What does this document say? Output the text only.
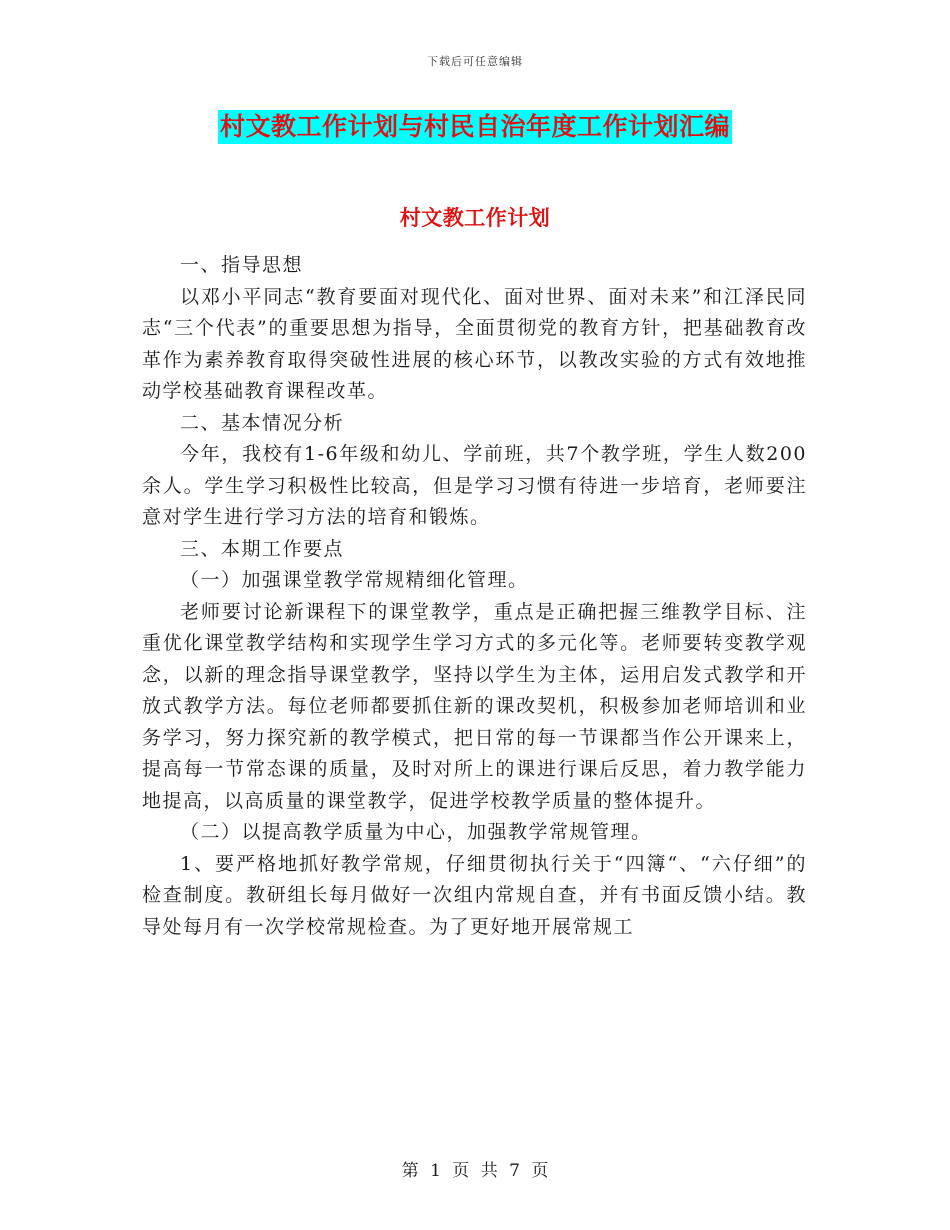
下载后可任意编辑
村文教工作计划与村民自治年度工作计划汇编
村文教工作计划

一、指导思想

以邓小平同志“教育要面对现代化、面对世界、面对未来”和江泽民同志“三个代表”的重要思想为指导，全面贯彻党的教育方针，把基础教育改革作为素养教育取得突破性进展的核心环节，以教改实验的方式有效地推动学校基础教育课程改革。

二、基本情况分析

今年，我校有1-6年级和幼儿、学前班，共7个教学班，学生人数200余人。学生学习积极性比较高，但是学习习惯有待进一步培育，老师要注意对学生进行学习方法的培育和锻炼。

三、本期工作要点

（一）加强课堂教学常规精细化管理。

老师要讨论新课程下的课堂教学，重点是正确把握三维教学目标、注重优化课堂教学结构和实现学生学习方式的多元化等。老师要转变教学观念，以新的理念指导课堂教学，坚持以学生为主体，运用启发式教学和开放式教学方法。每位老师都要抓住新的课改契机，积极参加老师培训和业务学习，努力探究新的教学模式，把日常的每一节课都当作公开课来上，提高每一节常态课的质量，及时对所上的课进行课后反思，着力教学能力地提高，以高质量的课堂教学，促进学校教学质量的整体提升。

（二）以提高教学质量为中心，加强教学常规管理。

1、要严格地抓好教学常规，仔细贯彻执行关于“四簿“、“六仔细”的检查制度。教研组长每月做好一次组内常规自查，并有书面反馈小结。教导处每月有一次学校常规检查。为了更好地开展常规工

第 1 页 共 7 页
